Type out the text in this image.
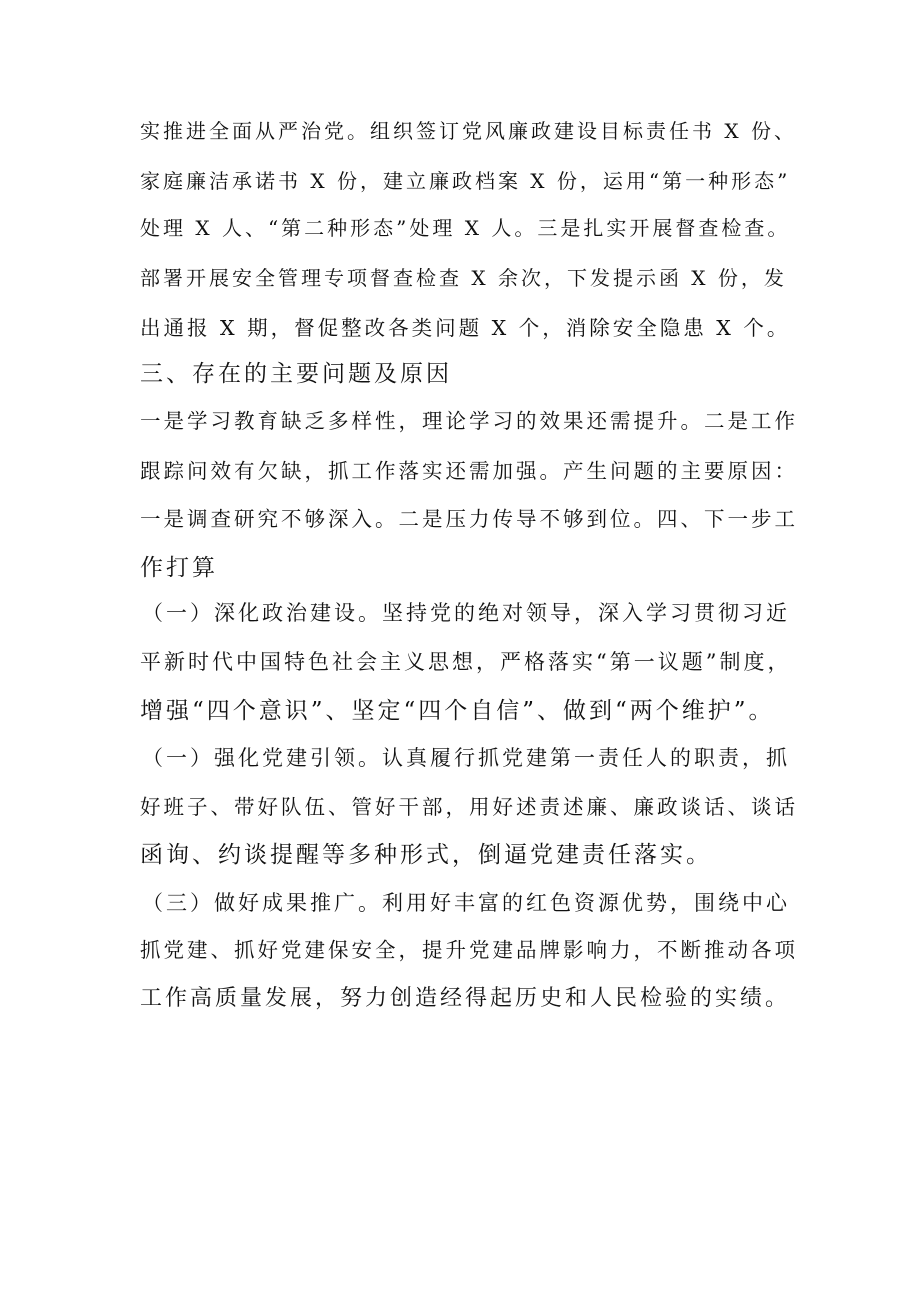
实推进全面从严治党。组织签订党风廉政建设目标责任书 X 份、

家庭廉洁承诺书 X 份，建立廉政档案 X 份，运用“第一种形态”

处理 X 人、“第二种形态”处理 X 人。三是扎实开展督查检查。

部署开展安全管理专项督查检查 X 余次，下发提示函 X 份，发

出通报 X 期，督促整改各类问题 X 个，消除安全隐患 X 个。

三、存在的主要问题及原因

一是学习教育缺乏多样性，理论学习的效果还需提升。二是工作

跟踪问效有欠缺，抓工作落实还需加强。产生问题的主要原因：

一是调查研究不够深入。二是压力传导不够到位。四、下一步工

作打算

（一）深化政治建设。坚持党的绝对领导，深入学习贯彻习近

平新时代中国特色社会主义思想，严格落实“第一议题”制度，

增强“四个意识”、坚定“四个自信”、做到“两个维护”。

（一）强化党建引领。认真履行抓党建第一责任人的职责，抓

好班子、带好队伍、管好干部，用好述责述廉、廉政谈话、谈话

函询、约谈提醒等多种形式，倒逼党建责任落实。

（三）做好成果推广。利用好丰富的红色资源优势，围绕中心

抓党建、抓好党建保安全，提升党建品牌影响力，不断推动各项

工作高质量发展，努力创造经得起历史和人民检验的实绩。
